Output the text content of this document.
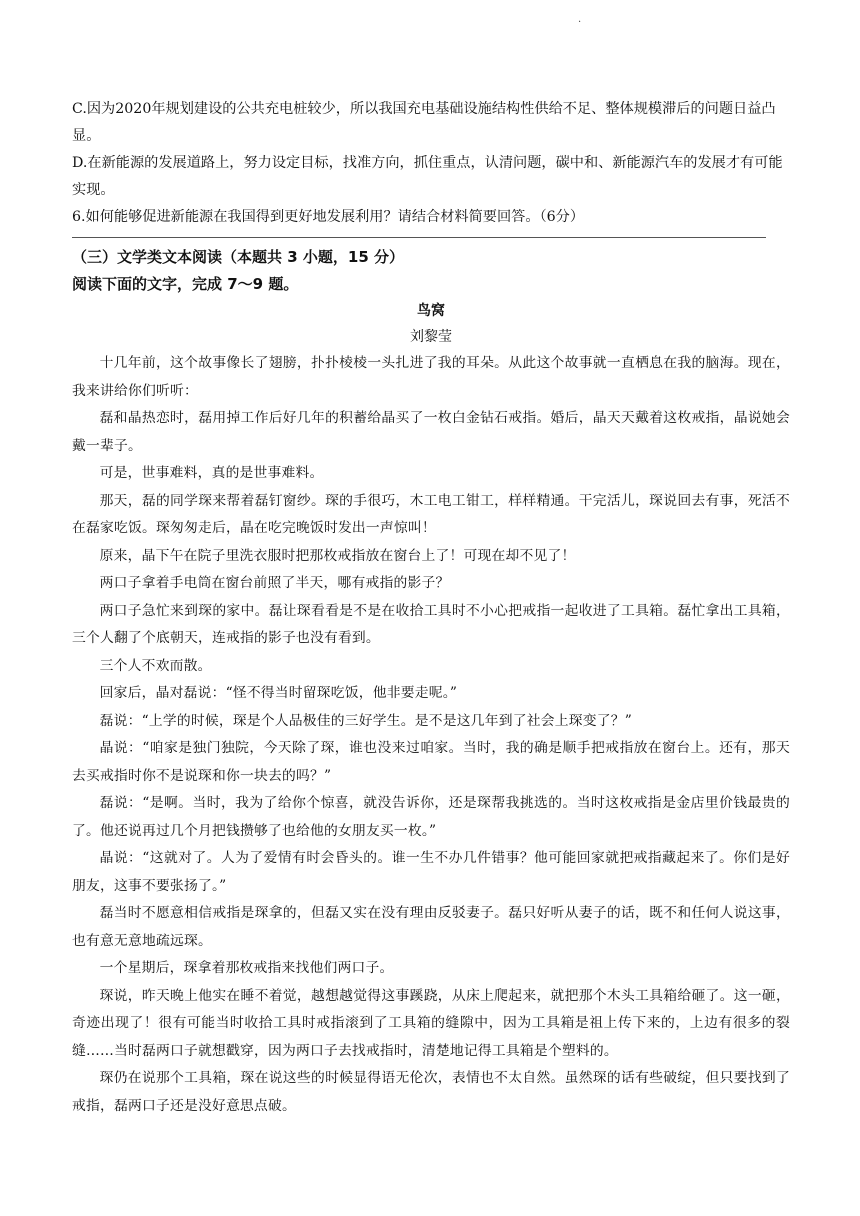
.

C.因为2020年规划建设的公共充电桩较少，所以我国充电基础设施结构性供给不足、整体规模滞后的问题日益凸显。

D.在新能源的发展道路上，努力设定目标，找准方向，抓住重点，认清问题，碳中和、新能源汽车的发展才有可能实现。

6.如何能够促进新能源在我国得到更好地发展利用？请结合材料简要回答。（6分）

（三）文学类文本阅读（本题共 3 小题，15 分）

阅读下面的文字，完成 7～9 题。

鸟窝

刘黎莹

十几年前，这个故事像长了翅膀，扑扑棱棱一头扎进了我的耳朵。从此这个故事就一直栖息在我的脑海。现在，我来讲给你们听听：

磊和晶热恋时，磊用掉工作后好几年的积蓄给晶买了一枚白金钻石戒指。婚后，晶天天戴着这枚戒指，晶说她会戴一辈子。

可是，世事难料，真的是世事难料。

那天，磊的同学琛来帮着磊钉窗纱。琛的手很巧，木工电工钳工，样样精通。干完活儿，琛说回去有事，死活不在磊家吃饭。琛匆匆走后，晶在吃完晚饭时发出一声惊叫！

原来，晶下午在院子里洗衣服时把那枚戒指放在窗台上了！可现在却不见了！

两口子拿着手电筒在窗台前照了半天，哪有戒指的影子？

两口子急忙来到琛的家中。磊让琛看看是不是在收拾工具时不小心把戒指一起收进了工具箱。磊忙拿出工具箱，三个人翻了个底朝天，连戒指的影子也没有看到。

三个人不欢而散。

回家后，晶对磊说：“怪不得当时留琛吃饭，他非要走呢。”

磊说：“上学的时候，琛是个人品极佳的三好学生。是不是这几年到了社会上琛变了？”

晶说：“咱家是独门独院，今天除了琛，谁也没来过咱家。当时，我的确是顺手把戒指放在窗台上。还有，那天去买戒指时你不是说琛和你一块去的吗？”

磊说：“是啊。当时，我为了给你个惊喜，就没告诉你，还是琛帮我挑选的。当时这枚戒指是金店里价钱最贵的了。他还说再过几个月把钱攒够了也给他的女朋友买一枚。”

晶说：“这就对了。人为了爱情有时会昏头的。谁一生不办几件错事？他可能回家就把戒指藏起来了。你们是好朋友，这事不要张扬了。”

磊当时不愿意相信戒指是琛拿的，但磊又实在没有理由反驳妻子。磊只好听从妻子的话，既不和任何人说这事，也有意无意地疏远琛。

一个星期后，琛拿着那枚戒指来找他们两口子。

琛说，昨天晚上他实在睡不着觉，越想越觉得这事蹊跷，从床上爬起来，就把那个木头工具箱给砸了。这一砸，奇迹出现了！很有可能当时收拾工具时戒指滚到了工具箱的缝隙中，因为工具箱是祖上传下来的，上边有很多的裂缝……当时磊两口子就想戳穿，因为两口子去找戒指时，清楚地记得工具箱是个塑料的。

琛仍在说那个工具箱，琛在说这些的时候显得语无伦次，表情也不太自然。虽然琛的话有些破绽，但只要找到了戒指，磊两口子还是没好意思点破。
